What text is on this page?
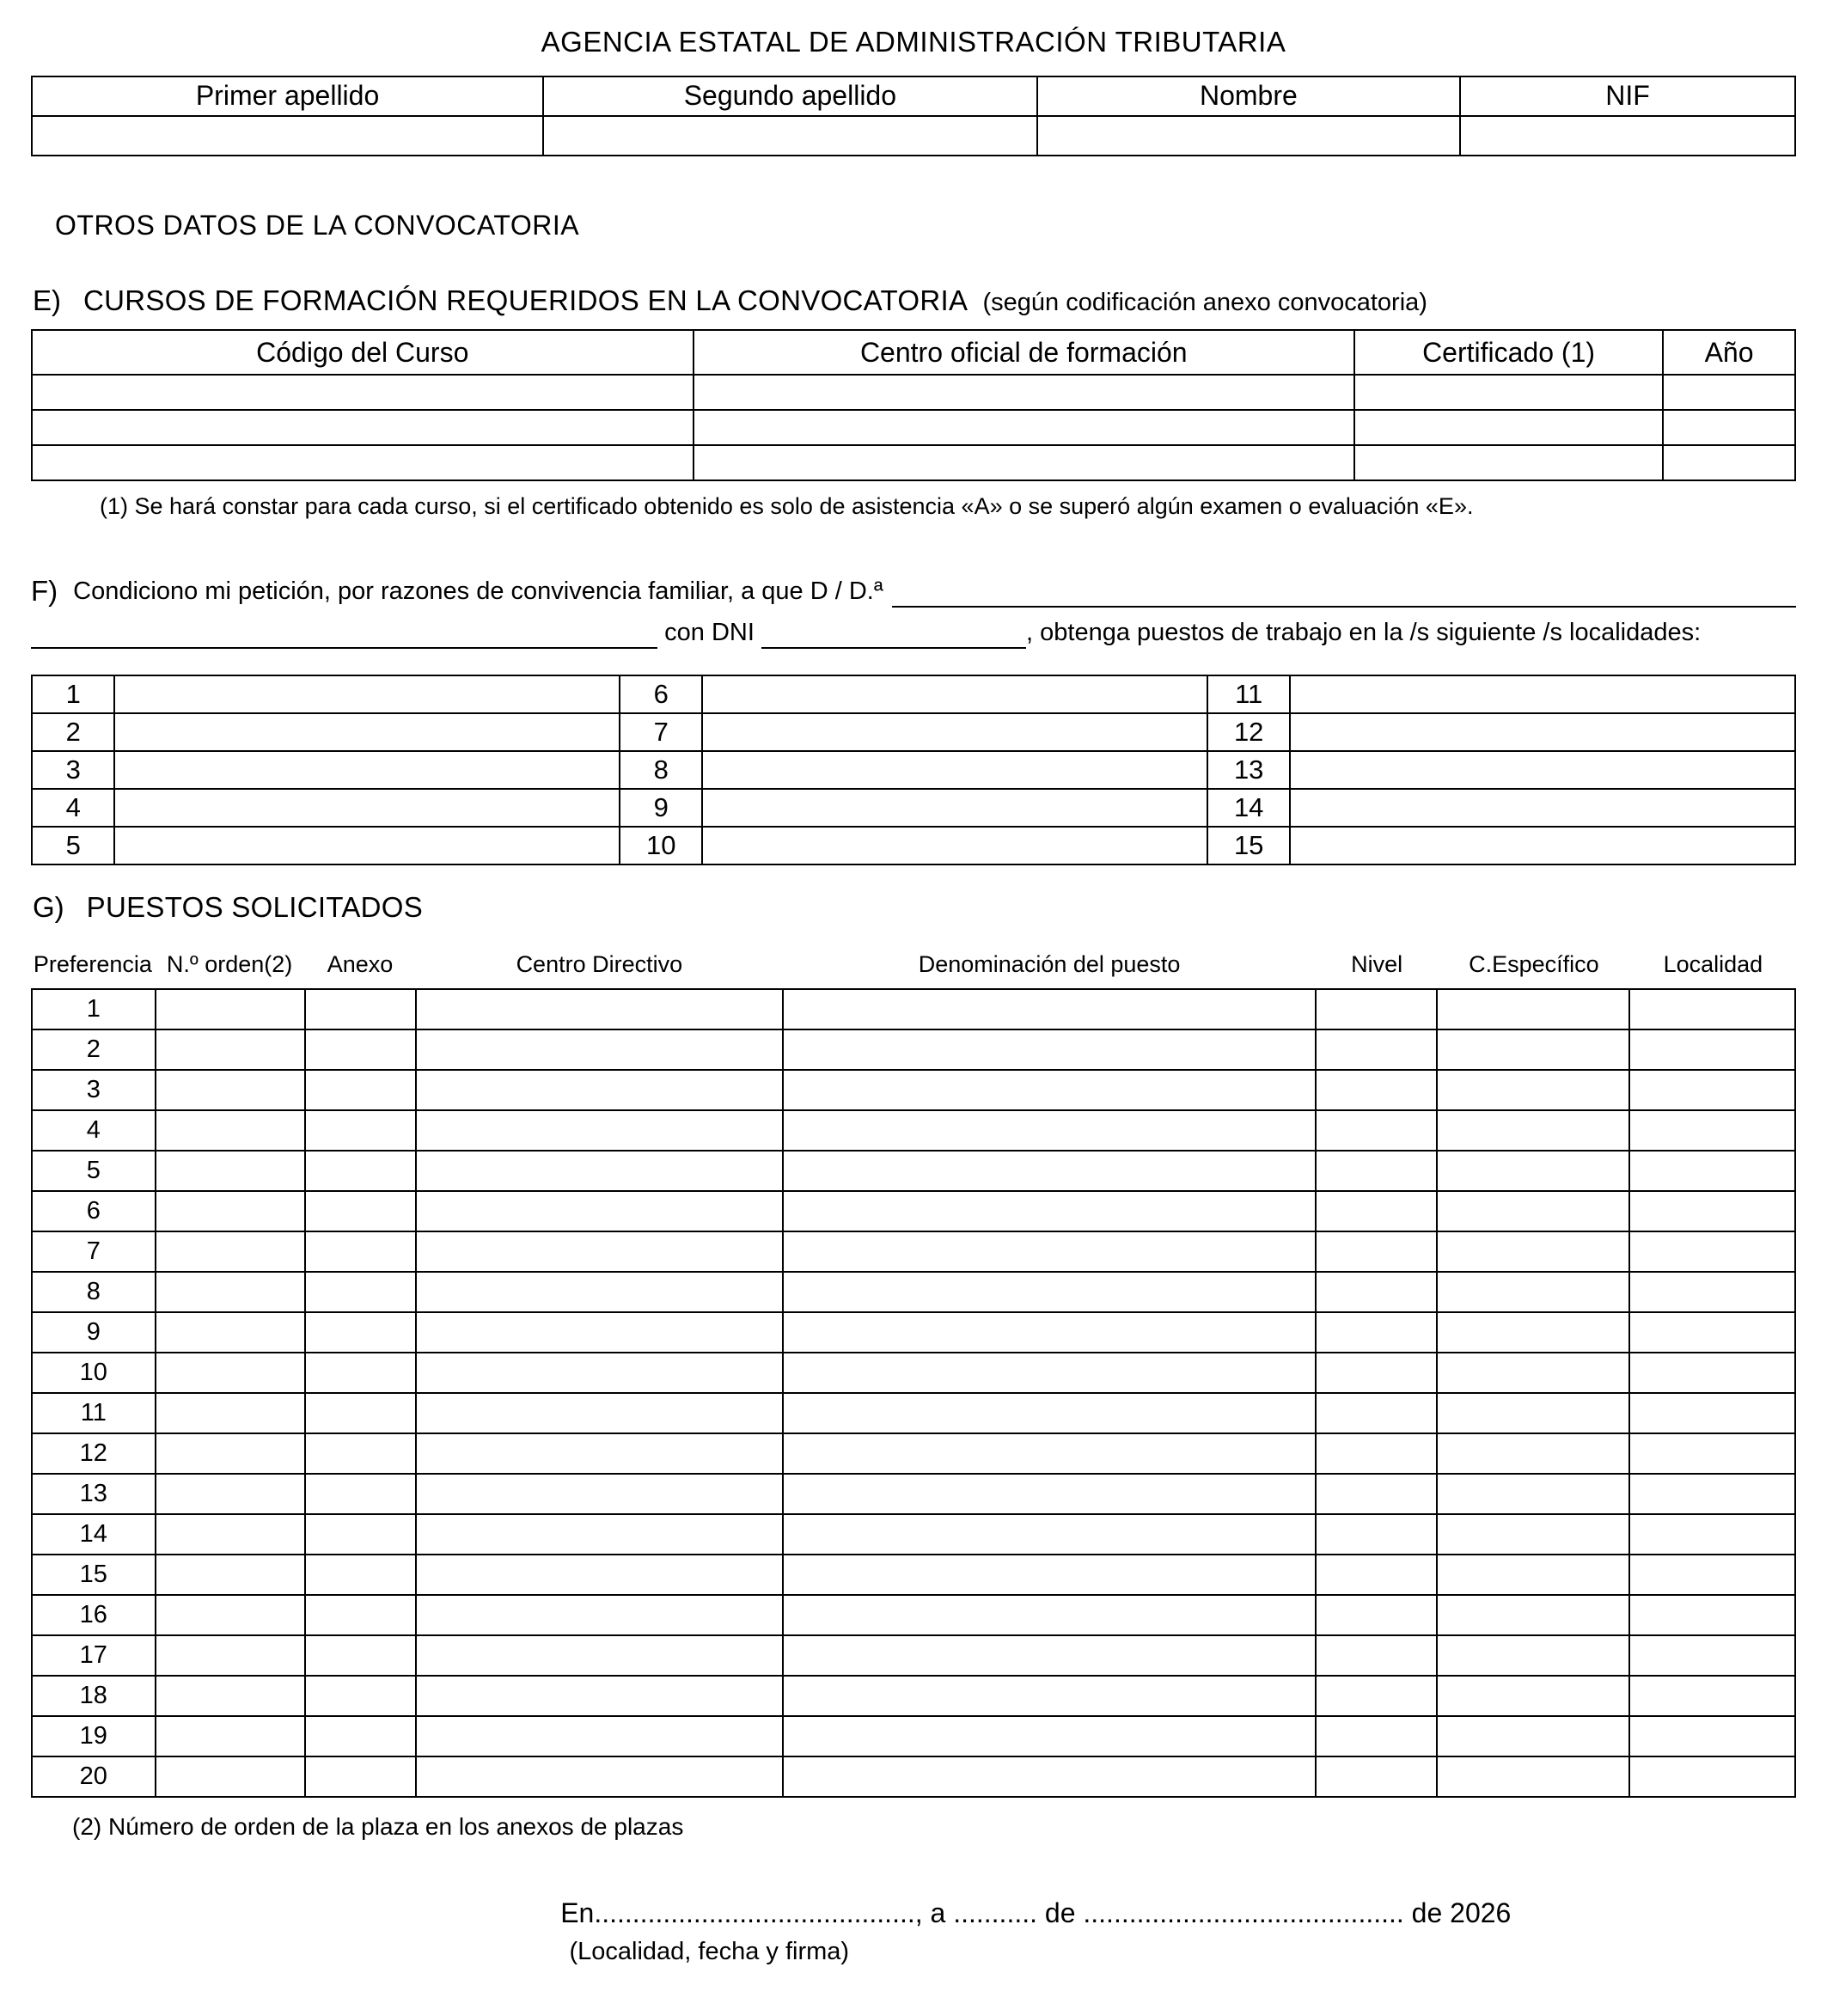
AGENCIA ESTATAL DE ADMINISTRACIÓN TRIBUTARIA
Primer apellido	Segundo apellido	Nombre	NIF

OTROS DATOS DE LA CONVOCATORIA
E) CURSOS DE FORMACIÓN REQUERIDOS EN LA CONVOCATORIA (según codificación anexo convocatoria)
Código del Curso	Centro oficial de formación	Certificado (1)	Año

(1) Se hará constar para cada curso, si el certificado obtenido es solo de asistencia «A» o se superó algún examen o evaluación «E».

F) Condiciono mi petición, por razones de convivencia familiar, a que D / D.ª
con DNI	, obtenga puestos de trabajo en la /s siguiente /s localidades:
1		6		11	
2		7		12	
3		8		13	
4		9		14	
5		10		15	
G) PUESTOS SOLICITADOS
Preferencia N.º orden(2)	Anexo	Centro Directivo	Denominación del puesto	Nivel	C.Específico	Localidad
1							
2							
3							
4							
5							
6							
7							
8							
9							
10							
11							
12							
13							
14							
15							
16							
17							
18							
19							
20							

(2) Número de orden de la plaza en los anexos de plazas

En.........................................., a ........... de .......................................... de 2026

(Localidad, fecha y firma)
